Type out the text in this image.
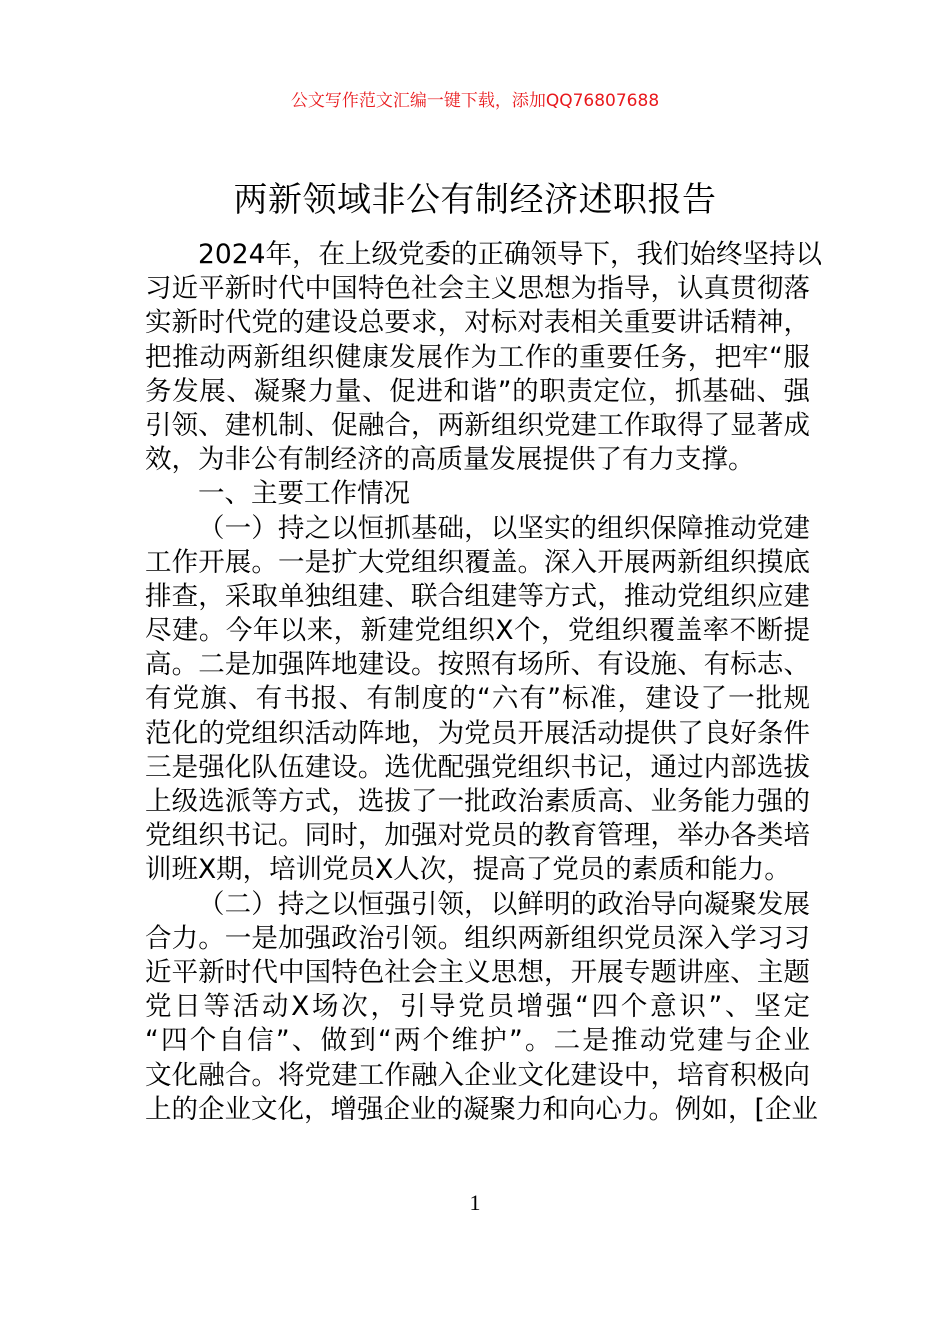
公文写作范文汇编一键下载，添加QQ76807688
两新领域非公有制经济述职报告
2024年，在上级党委的正确领导下，我们始终坚持以
习近平新时代中国特色社会主义思想为指导，认真贯彻落
实新时代党的建设总要求，对标对表相关重要讲话精神，
把推动两新组织健康发展作为工作的重要任务，把牢“服
务发展、凝聚力量、促进和谐”的职责定位，抓基础、强
引领、建机制、促融合，两新组织党建工作取得了显著成
效，为非公有制经济的高质量发展提供了有力支撑。
一、主要工作情况
（一）持之以恒抓基础，以坚实的组织保障推动党建
工作开展。一是扩大党组织覆盖。深入开展两新组织摸底
排查，采取单独组建、联合组建等方式，推动党组织应建
尽建。今年以来，新建党组织X个，党组织覆盖率不断提
高。二是加强阵地建设。按照有场所、有设施、有标志、
有党旗、有书报、有制度的“六有”标准，建设了一批规
范化的党组织活动阵地，为党员开展活动提供了良好条件
三是强化队伍建设。选优配强党组织书记，通过内部选拔
上级选派等方式，选拔了一批政治素质高、业务能力强的
党组织书记。同时，加强对党员的教育管理，举办各类培
训班X期，培训党员X人次，提高了党员的素质和能力。
（二）持之以恒强引领，以鲜明的政治导向凝聚发展
合力。一是加强政治引领。组织两新组织党员深入学习习
近平新时代中国特色社会主义思想，开展专题讲座、主题
党日等活动X场次，引导党员增强“四个意识”、坚定
“四个自信”、做到“两个维护”。二是推动党建与企业
文化融合。将党建工作融入企业文化建设中，培育积极向
上的企业文化，增强企业的凝聚力和向心力。例如，[企业
1
